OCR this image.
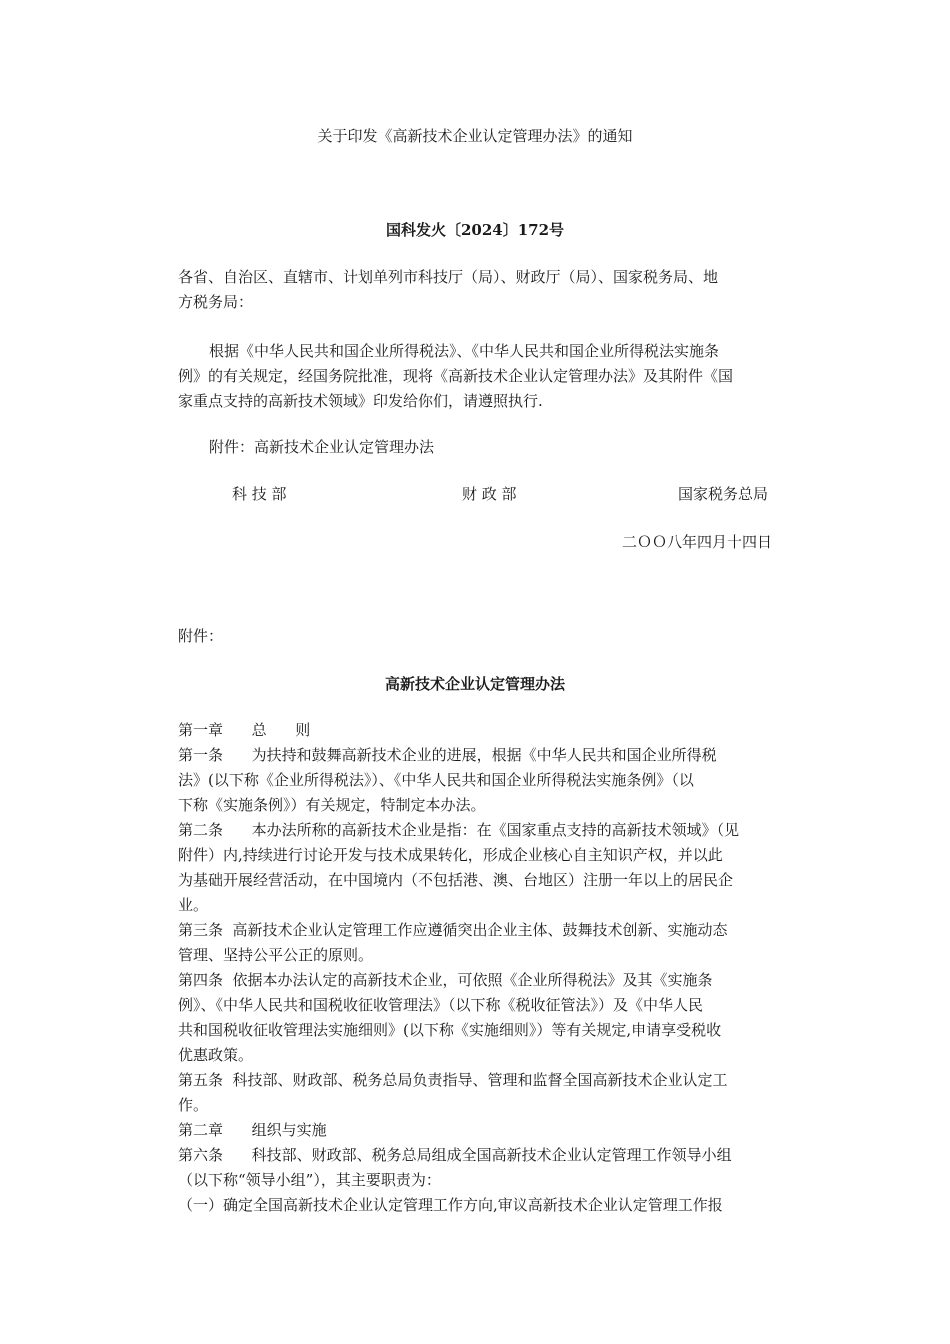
关于印发《高新技术企业认定管理办法》的通知
国科发火〔2024〕172号
各省、自治区、直辖市、计划单列市科技厅（局）、财政厅（局）、国家税务局、地
方税务局：
根据《中华人民共和国企业所得税法》、《中华人民共和国企业所得税法实施条
例》的有关规定，经国务院批准，现将《高新技术企业认定管理办法》及其附件《国
家重点支持的高新技术领域》印发给你们，请遵照执行.
附件：高新技术企业认定管理办法
科 技 部	财 政 部	国家税务总局
二ＯＯ八年四月十四日
附件：
高新技术企业认定管理办法

第一章      总      则

第一条      为扶持和鼓舞高新技术企业的进展，根据《中华人民共和国企业所得税

法》(以下称《企业所得税法》）、《中华人民共和国企业所得税法实施条例》（以

下称《实施条例》）有关规定，特制定本办法。

第二条      本办法所称的高新技术企业是指：在《国家重点支持的高新技术领域》（见

附件）内,持续进行讨论开发与技术成果转化，形成企业核心自主知识产权，并以此

为基础开展经营活动，在中国境内（不包括港、澳、台地区）注册一年以上的居民企

业。

第三条  高新技术企业认定管理工作应遵循突出企业主体、鼓舞技术创新、实施动态

管理、坚持公平公正的原则。

第四条  依据本办法认定的高新技术企业，可依照《企业所得税法》及其《实施条

例》、《中华人民共和国税收征收管理法》（以下称《税收征管法》）及《中华人民

共和国税收征收管理法实施细则》(以下称《实施细则》）等有关规定,申请享受税收

优惠政策。

第五条  科技部、财政部、税务总局负责指导、管理和监督全国高新技术企业认定工

作。

第二章      组织与实施

第六条      科技部、财政部、税务总局组成全国高新技术企业认定管理工作领导小组

（以下称“领导小组”），其主要职责为：

（一）确定全国高新技术企业认定管理工作方向,审议高新技术企业认定管理工作报
